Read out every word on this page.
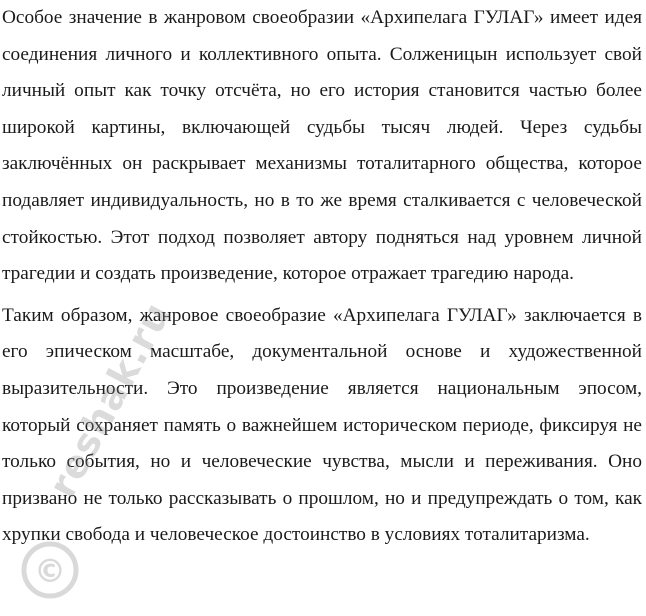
Особое значение в жанровом своеобразии «Архипелага ГУЛАГ» имеет идея соединения личного и коллективного опыта. Солженицын использует свой личный опыт как точку отсчёта, но его история становится частью более широкой картины, включающей судьбы тысяч людей. Через судьбы заключённых он раскрывает механизмы тоталитарного общества, которое подавляет индивидуальность, но в то же время сталкивается с человеческой стойкостью. Этот подход позволяет автору подняться над уровнем личной трагедии и создать произведение, которое отражает трагедию народа.

Таким образом, жанровое своеобразие «Архипелага ГУЛАГ» заключается в его эпическом масштабе, документальной основе и художественной выразительности. Это произведение является национальным эпосом, который сохраняет память о важнейшем историческом периоде, фиксируя не только события, но и человеческие чувства, мысли и переживания. Оно призвано не только рассказывать о прошлом, но и предупреждать о том, как хрупки свобода и человеческое достоинство в условиях тоталитаризма.

©
reshak.ru
